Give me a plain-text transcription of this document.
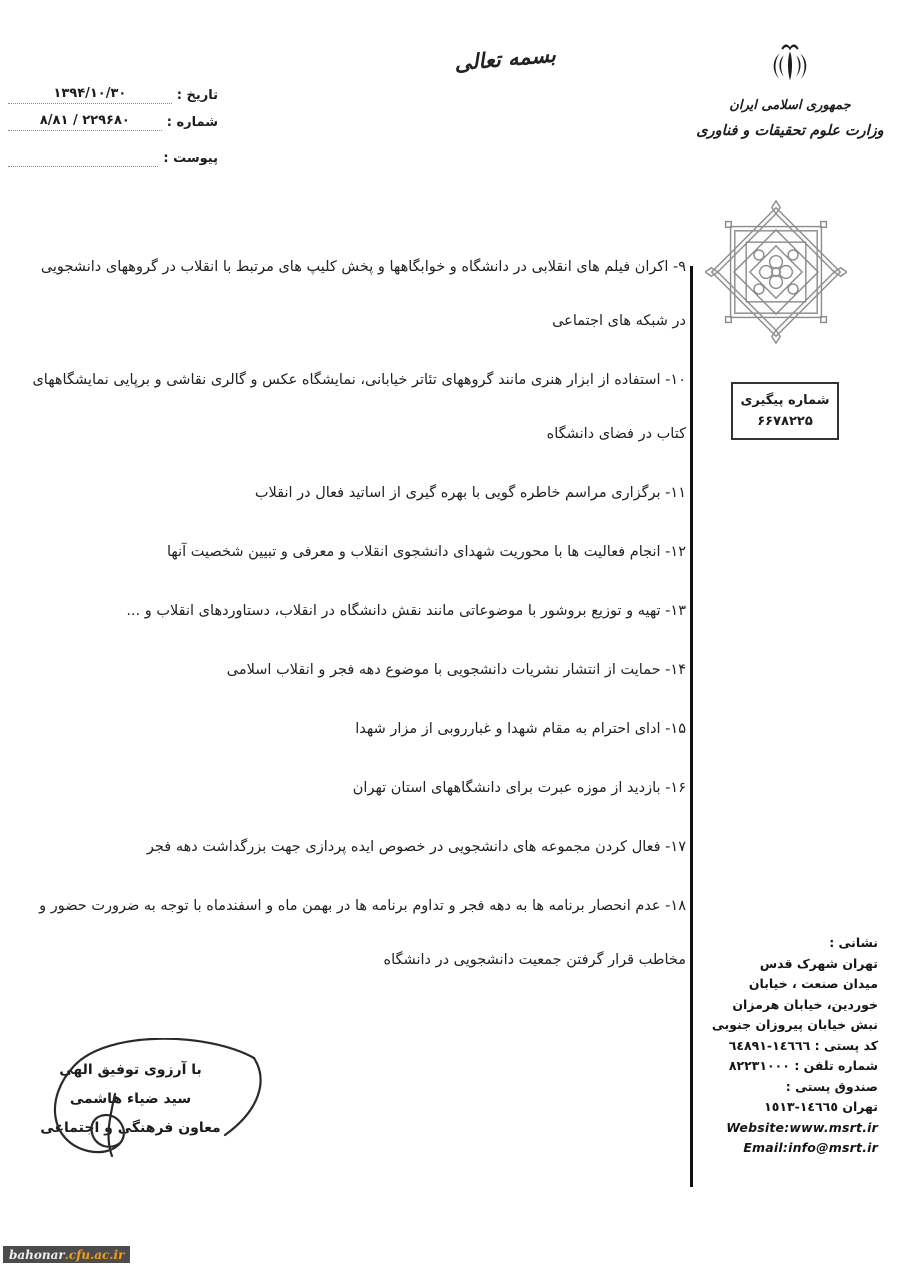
تاریخ :
۱۳۹۴/۱۰/۳۰
شماره :
۸/۸۱ / ۲۲۹۶۸۰
پیوست :
بسمه تعالی
جمهوری اسلامی ایران
وزارت علوم تحقیقات و فناوری
شماره پیگیری
۶۶۷۸۲۲۵
۹- اکران فیلم های انقلابی در دانشگاه و خوابگاهها و پخش کلیپ های مرتبط با انقلاب در گروههای دانشجویی
در شبکه های اجتماعی
۱۰- استفاده از ابزار هنری مانند گروههای تئاتر خیابانی، نمایشگاه عکس و گالری نقاشی و برپایی نمایشگاههای
کتاب در فضای دانشگاه
۱۱- برگزاری مراسم خاطره گویی با بهره گیری از اساتید فعال در انقلاب
۱۲- انجام فعالیت ها با محوریت شهدای دانشجوی انقلاب و معرفی و تبیین شخصیت آنها
۱۳- تهیه و توزیع بروشور با موضوعاتی مانند نقش دانشگاه در انقلاب، دستاوردهای انقلاب و ...
۱۴- حمایت از انتشار نشریات دانشجویی با موضوع دهه فجر و انقلاب اسلامی
۱۵- ادای احترام به مقام شهدا و غبارروبی از مزار شهدا
۱۶- بازدید از موزه عبرت برای دانشگاههای استان تهران
۱۷- فعال کردن مجموعه های دانشجویی در خصوص ایده پردازی جهت بزرگداشت دهه فجر
۱۸- عدم انحصار برنامه ها به دهه فجر و تداوم برنامه ها در بهمن ماه و اسفندماه با توجه به ضرورت حضور و
مخاطب قرار گرفتن جمعیت دانشجویی در دانشگاه
نشانی :
تهران شهرک قدس
میدان صنعت ، خیابان
خوردین، خیابان هرمزان
نبش خیابان پیروزان جنوبی
کد پستی : ١٤٦٦٦-٦٤٨٩١
شماره تلفن : ٨٢٢٣١٠٠٠
صندوق پستی :
تهران ١٤٦٦٥-١٥١٣
Website:www.msrt.ir
Email:info@msrt.ir
با آرزوی توفیق الهی
سید ضیاء هاشمی
معاون فرهنگی و اجتماعی
bahonar .cfu.ac.ir
